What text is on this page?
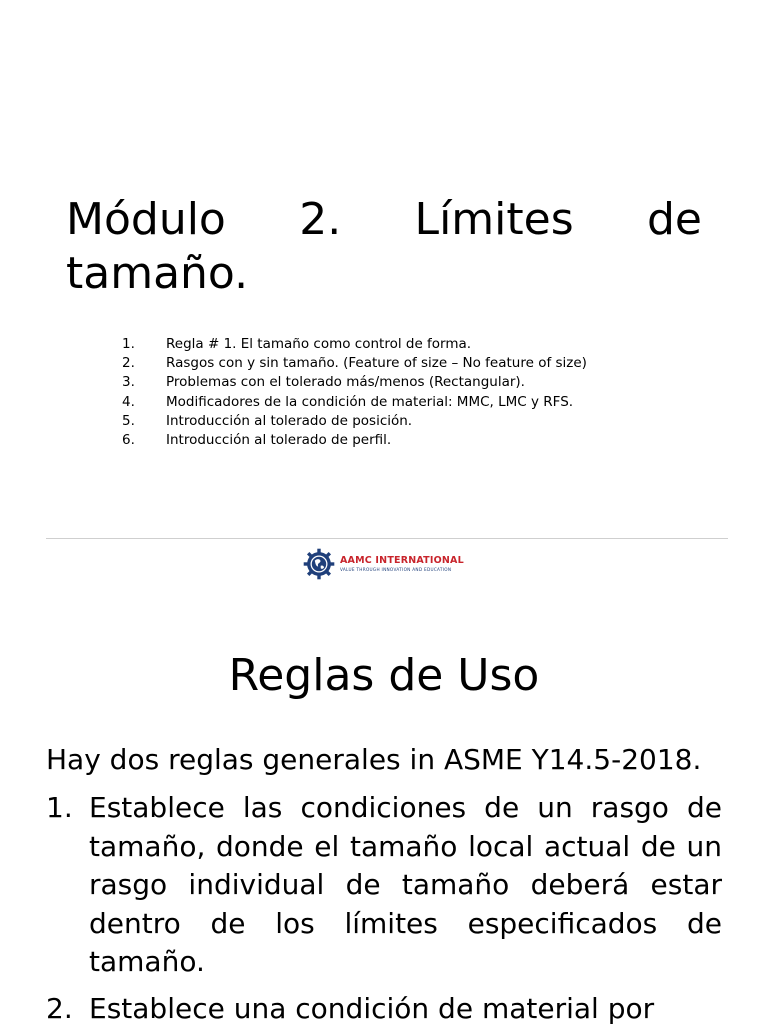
Módulo 2. Límites de tamaño.
1.	Regla # 1. El tamaño como control de forma.
2.	Rasgos con y sin tamaño. (Feature of size – No feature of size)
3.	Problemas con el tolerado más/menos (Rectangular).
4.	Modificadores de la condición de material: MMC, LMC y RFS.
5.	Introducción al tolerado de posición.
6.	Introducción al tolerado de perfil.
AAMC INTERNATIONAL
VALUE THROUGH INNOVATION AND EDUCATION
Reglas de Uso

Hay dos reglas generales in ASME Y14.5-2018.

1. Establece las condiciones de un rasgo de tamaño, donde el tamaño local actual de un rasgo individual de tamaño deberá estar dentro de los límites especificados de tamaño.
2. Establece una condición de material por
